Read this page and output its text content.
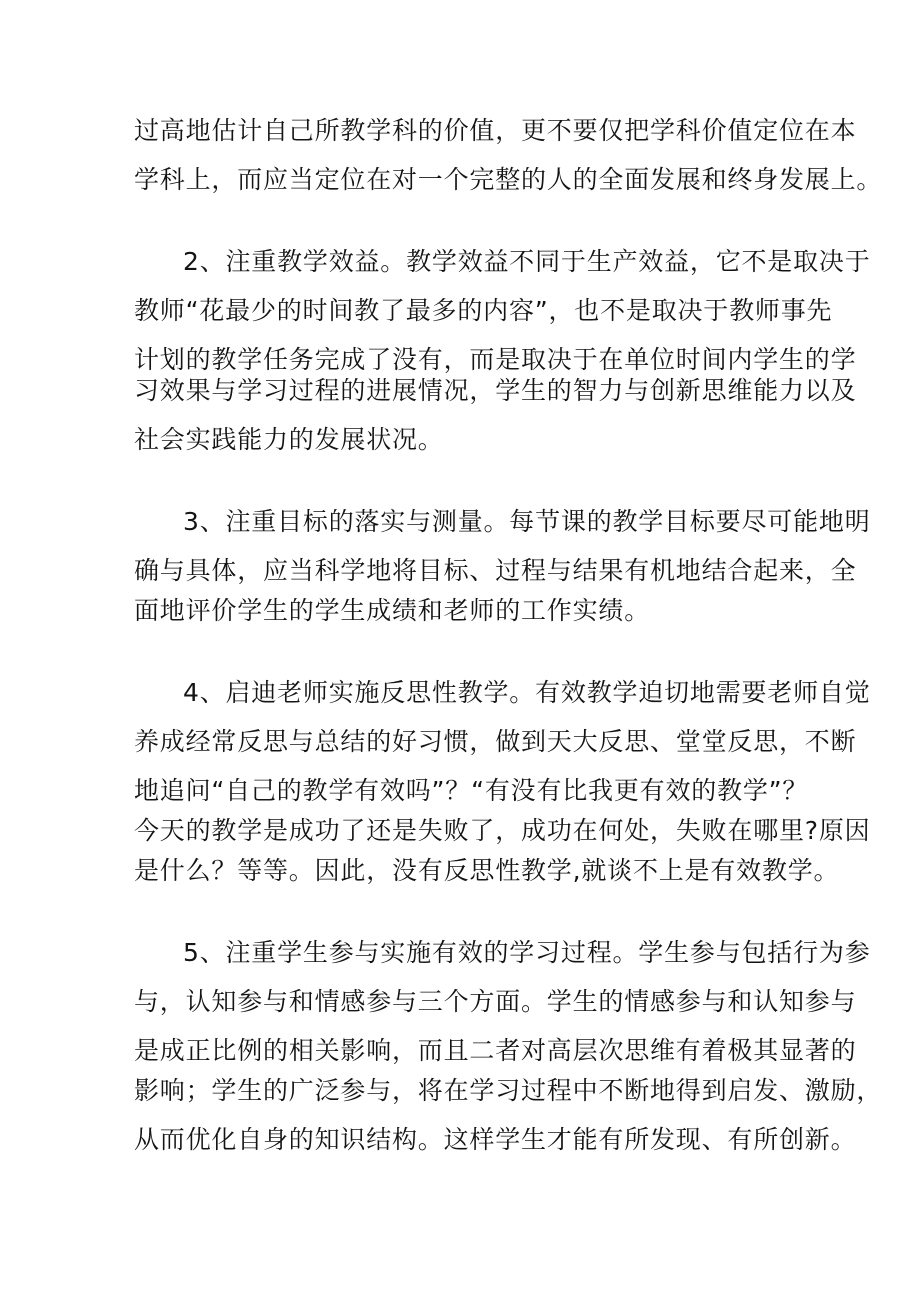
过高地估计自己所教学科的价值，更不要仅把学科价值定位在本
学科上，而应当定位在对一个完整的人的全面发展和终身发展上。
2、注重教学效益。教学效益不同于生产效益，它不是取决于
教师“花最少的时间教了最多的内容”，也不是取决于教师事先
计划的教学任务完成了没有，而是取决于在单位时间内学生的学
习效果与学习过程的进展情况，学生的智力与创新思维能力以及
社会实践能力的发展状况。
3、注重目标的落实与测量。每节课的教学目标要尽可能地明
确与具体，应当科学地将目标、过程与结果有机地结合起来，全
面地评价学生的学生成绩和老师的工作实绩。
4、启迪老师实施反思性教学。有效教学迫切地需要老师自觉
养成经常反思与总结的好习惯，做到天大反思、堂堂反思，不断
地追问“自己的教学有效吗”？“有没有比我更有效的教学”？
今天的教学是成功了还是失败了，成功在何处，失败在哪里?原因
是什么？等等。因此，没有反思性教学,就谈不上是有效教学。
5、注重学生参与实施有效的学习过程。学生参与包括行为参
与，认知参与和情感参与三个方面。学生的情感参与和认知参与
是成正比例的相关影响，而且二者对高层次思维有着极其显著的
影响；学生的广泛参与，将在学习过程中不断地得到启发、激励，
从而优化自身的知识结构。这样学生才能有所发现、有所创新。
